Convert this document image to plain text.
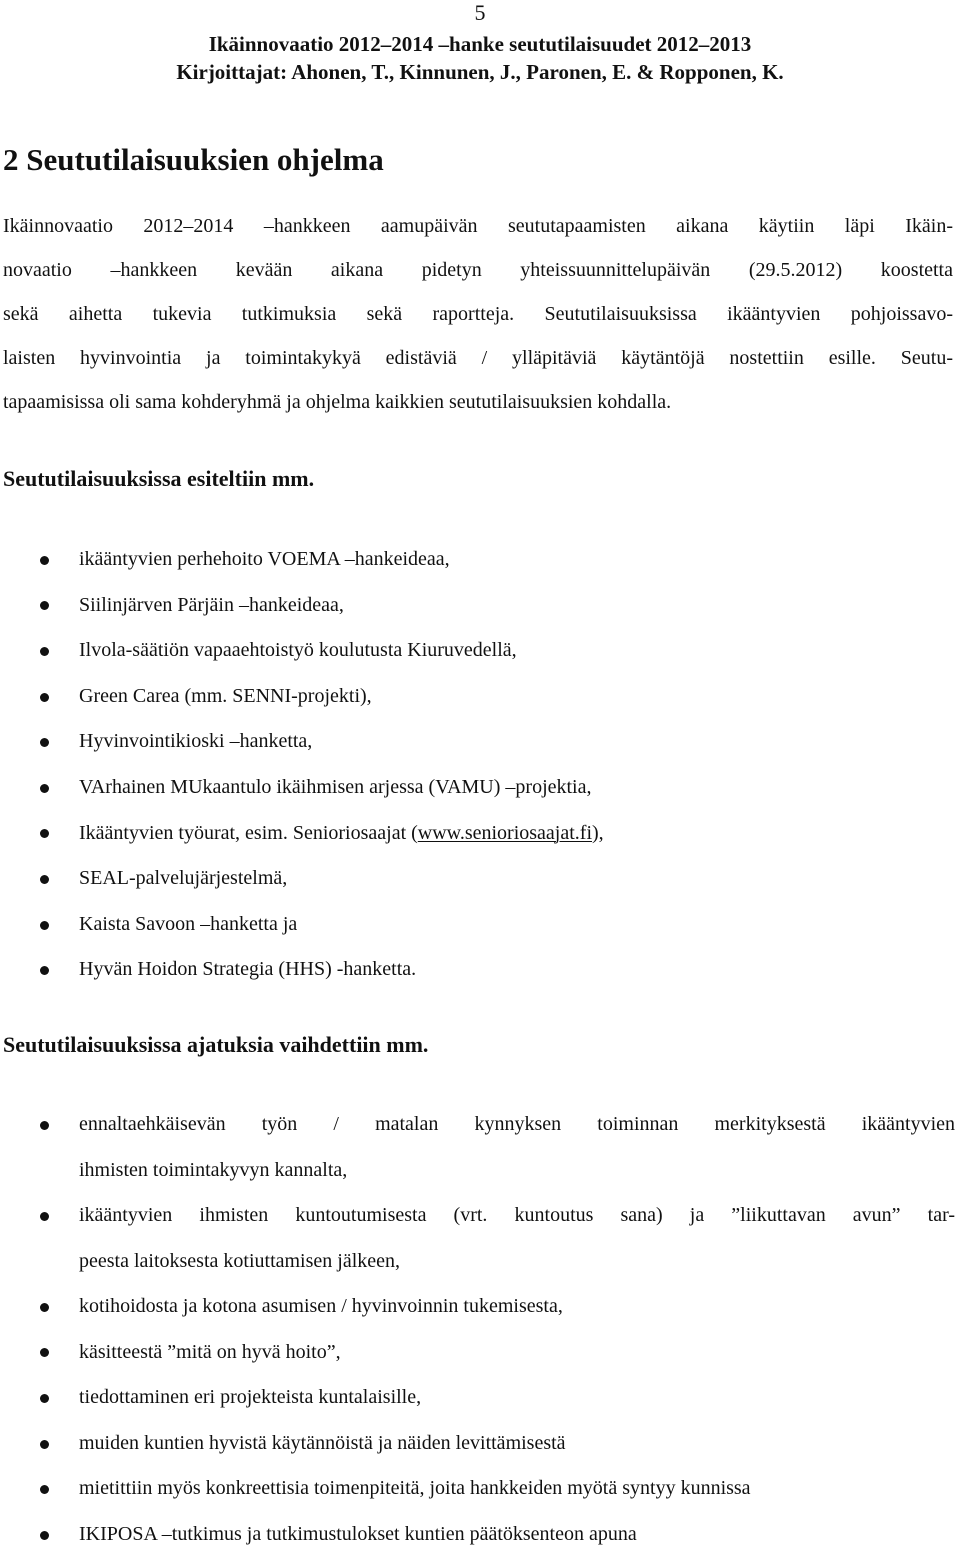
5
Ikäinnovaatio 2012–2014 –hanke seututilaisuudet 2012–2013
Kirjoittajat: Ahonen, T., Kinnunen, J., Paronen, E. & Ropponen, K.
2 Seututilaisuuksien ohjelma
Ikäinnovaatio 2012–2014 –hankkeen aamupäivän seututapaamisten aikana käytiin läpi Ikäin-
novaatio –hankkeen kevään aikana pidetyn yhteissuunnittelupäivän (29.5.2012) koostetta
sekä aihetta tukevia tutkimuksia sekä raportteja. Seututilaisuuksissa ikääntyvien pohjoissavo-
laisten hyvinvointia ja toimintakykyä edistäviä / ylläpitäviä käytäntöjä nostettiin esille. Seutu-
tapaamisissa oli sama kohderyhmä ja ohjelma kaikkien seututilaisuuksien kohdalla.
Seututilaisuuksissa esiteltiin mm.
ikääntyvien perhehoito VOEMA –hankeideaa,
Siilinjärven Pärjäin –hankeideaa,
Ilvola-säätiön vapaaehtoistyö koulutusta Kiuruvedellä,
Green Carea (mm. SENNI-projekti),
Hyvinvointikioski –hanketta,
VArhainen MUkaantulo ikäihmisen arjessa (VAMU) –projektia,
Ikääntyvien työurat, esim. Senioriosaajat (www.senioriosaajat.fi),
SEAL-palvelujärjestelmä,
Kaista Savoon –hanketta ja
Hyvän Hoidon Strategia (HHS) -hanketta.
Seututilaisuuksissa ajatuksia vaihdettiin mm.
ennaltaehkäisevän työn / matalan kynnyksen toiminnan merkityksestä ikääntyvien
ihmisten toimintakyvyn kannalta,
ikääntyvien ihmisten kuntoutumisesta (vrt. kuntoutus sana) ja ”liikuttavan avun” tar-
peesta laitoksesta kotiuttamisen jälkeen,
kotihoidosta ja kotona asumisen / hyvinvoinnin tukemisesta,
käsitteestä ”mitä on hyvä hoito”,
tiedottaminen eri projekteista kuntalaisille,
muiden kuntien hyvistä käytännöistä ja näiden levittämisestä
mietittiin myös konkreettisia toimenpiteitä, joita hankkeiden myötä syntyy kunnissa
IKIPOSA –tutkimus ja tutkimustulokset kuntien päätöksenteon apuna
